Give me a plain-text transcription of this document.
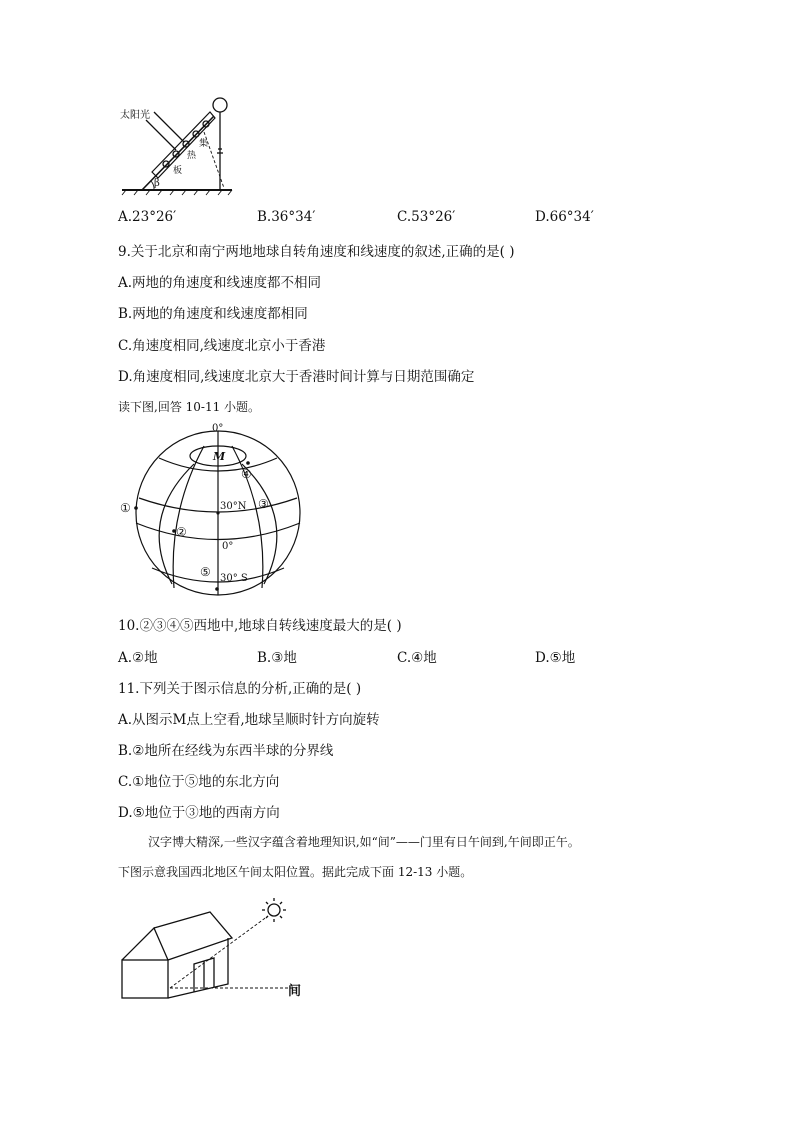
太阳光
集
热
板
β
A.23°26′	B.36°34′	C.53°26′	D.66°34′
9.关于北京和南宁两地地球自转角速度和线速度的叙述,正确的是( )
A.两地的角速度和线速度都不相同
B.两地的角速度和线速度都相同
C.角速度相同,线速度北京小于香港
D.角速度相同,线速度北京大于香港时间计算与日期范围确定
读下图,回答 10-11 小题。
0°
M
30°N
0°
30° S
①
②
③
④
⑤
10.②③④⑤西地中,地球自转线速度最大的是( )
A.②地	B.③地	C.④地	D.⑤地
11.下列关于图示信息的分析,正确的是( )
A.从图示M点上空看,地球呈顺时针方向旋转
B.②地所在经线为东西半球的分界线
C.①地位于⑤地的东北方向
D.⑤地位于③地的西南方向
汉字博大精深,一些汉字蕴含着地理知识,如“间”——门里有日午间到,午间即正午。
下图示意我国西北地区午间太阳位置。据此完成下面 12-13 小题。
间
